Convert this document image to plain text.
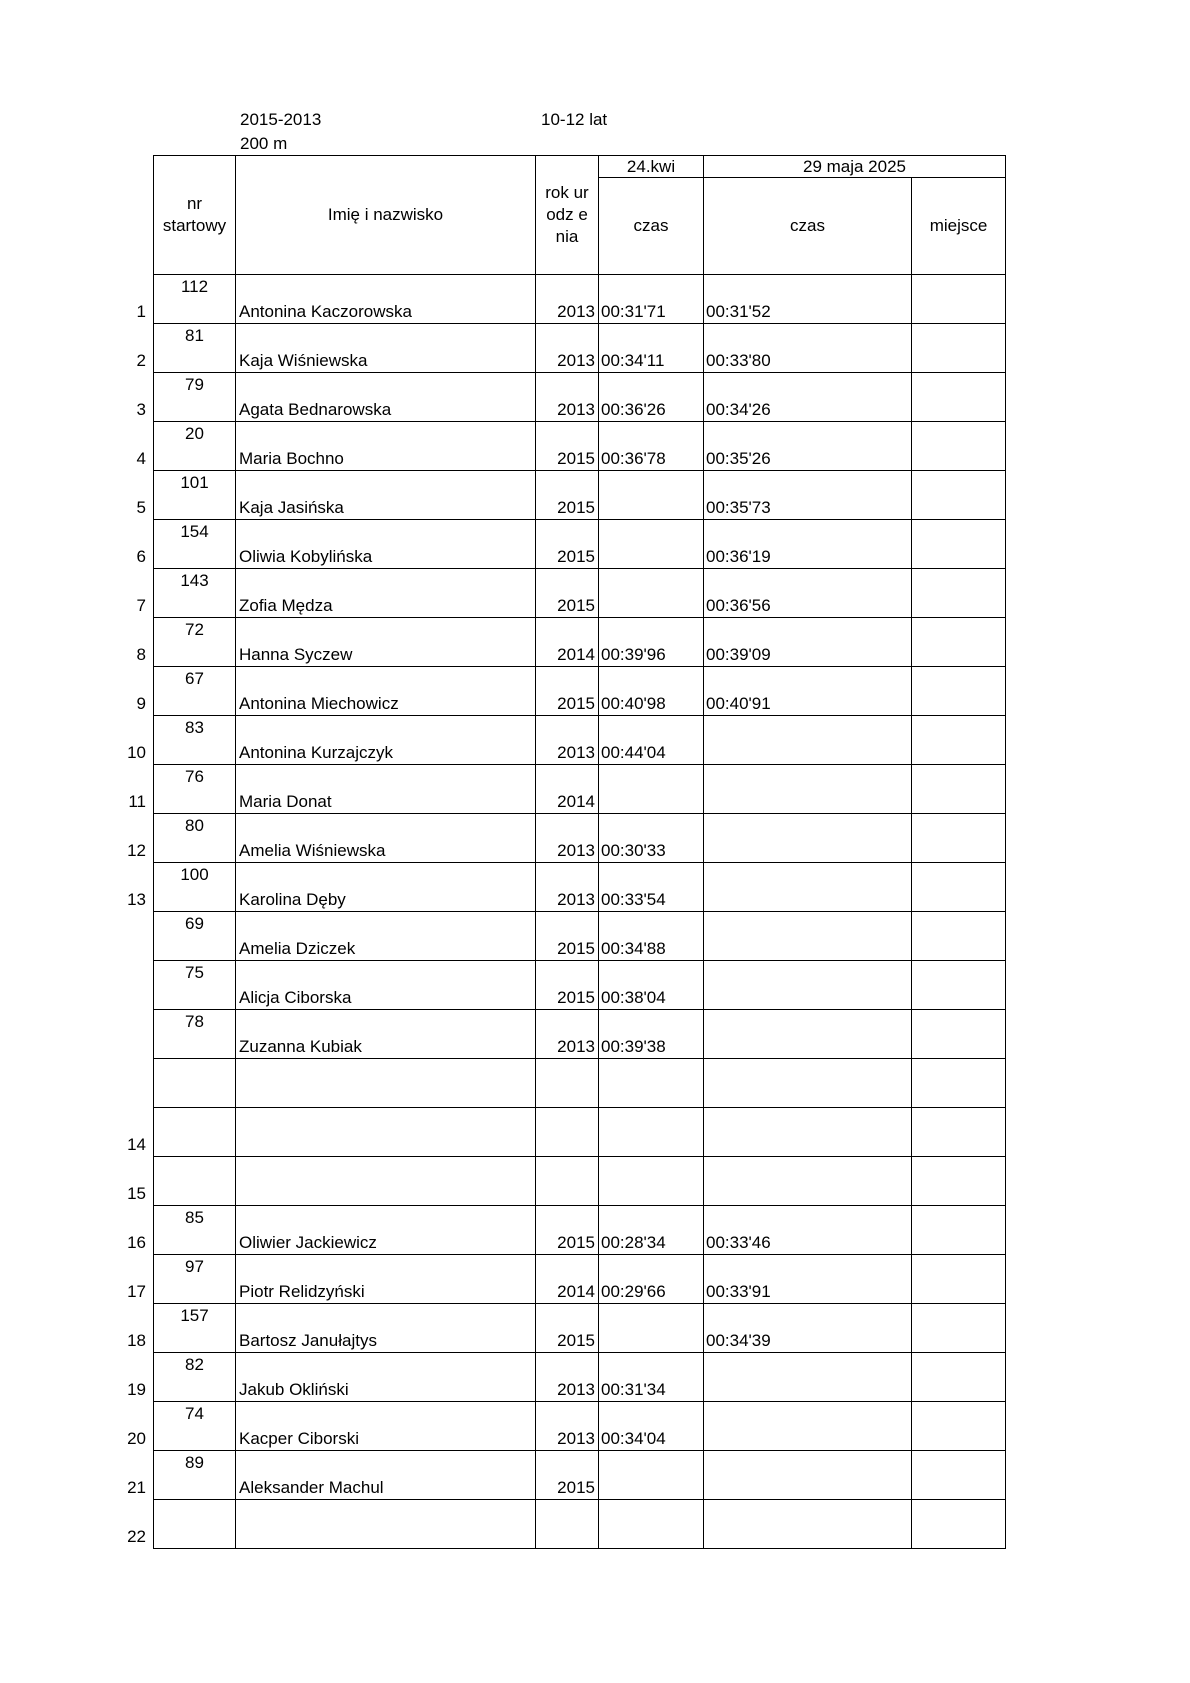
2015-2013
200 m
10-12 lat
nr startowy	Imię i nazwisko	rok urodz enia	24.kwi	29 maja 2025	
			czas	czas	miejsce

1
112	Antonina Kaczorowska	2013	00:31'71	00:31'52	

2
81	Kaja Wiśniewska	2013	00:34'11	00:33'80	

3
79	Agata Bednarowska	2013	00:36'26	00:34'26	

4
20	Maria Bochno	2015	00:36'78	00:35'26	

5
101	Kaja Jasińska	2015		00:35'73	

6
154	Oliwia Kobylińska	2015		00:36'19	

7
143	Zofia Mędza	2015		00:36'56	

8
72	Hanna Syczew	2014	00:39'96	00:39'09	

9
67	Antonina Miechowicz	2015	00:40'98	00:40'91	

10
83	Antonina Kurzajczyk	2013	00:44'04		

11
76	Maria Donat	2014			

12
80	Amelia Wiśniewska	2013	00:30'33		

13
100	Karolina Dęby	2013	00:33'54		

69	Amelia Dziczek	2015	00:34'88		

75	Alicja Ciborska	2015	00:38'04		

78	Zuzanna Kubiak	2013	00:39'38		

14					

15					

16
85	Oliwier Jackiewicz	2015	00:28'34	00:33'46	

17
97	Piotr Relidzyński	2014	00:29'66	00:33'91	

18
157	Bartosz Janułajtys	2015		00:34'39	

19
82	Jakub Okliński	2013	00:31'34		

20
74	Kacper Ciborski	2013	00:34'04		

21
89	Aleksander Machul	2015			

22					
